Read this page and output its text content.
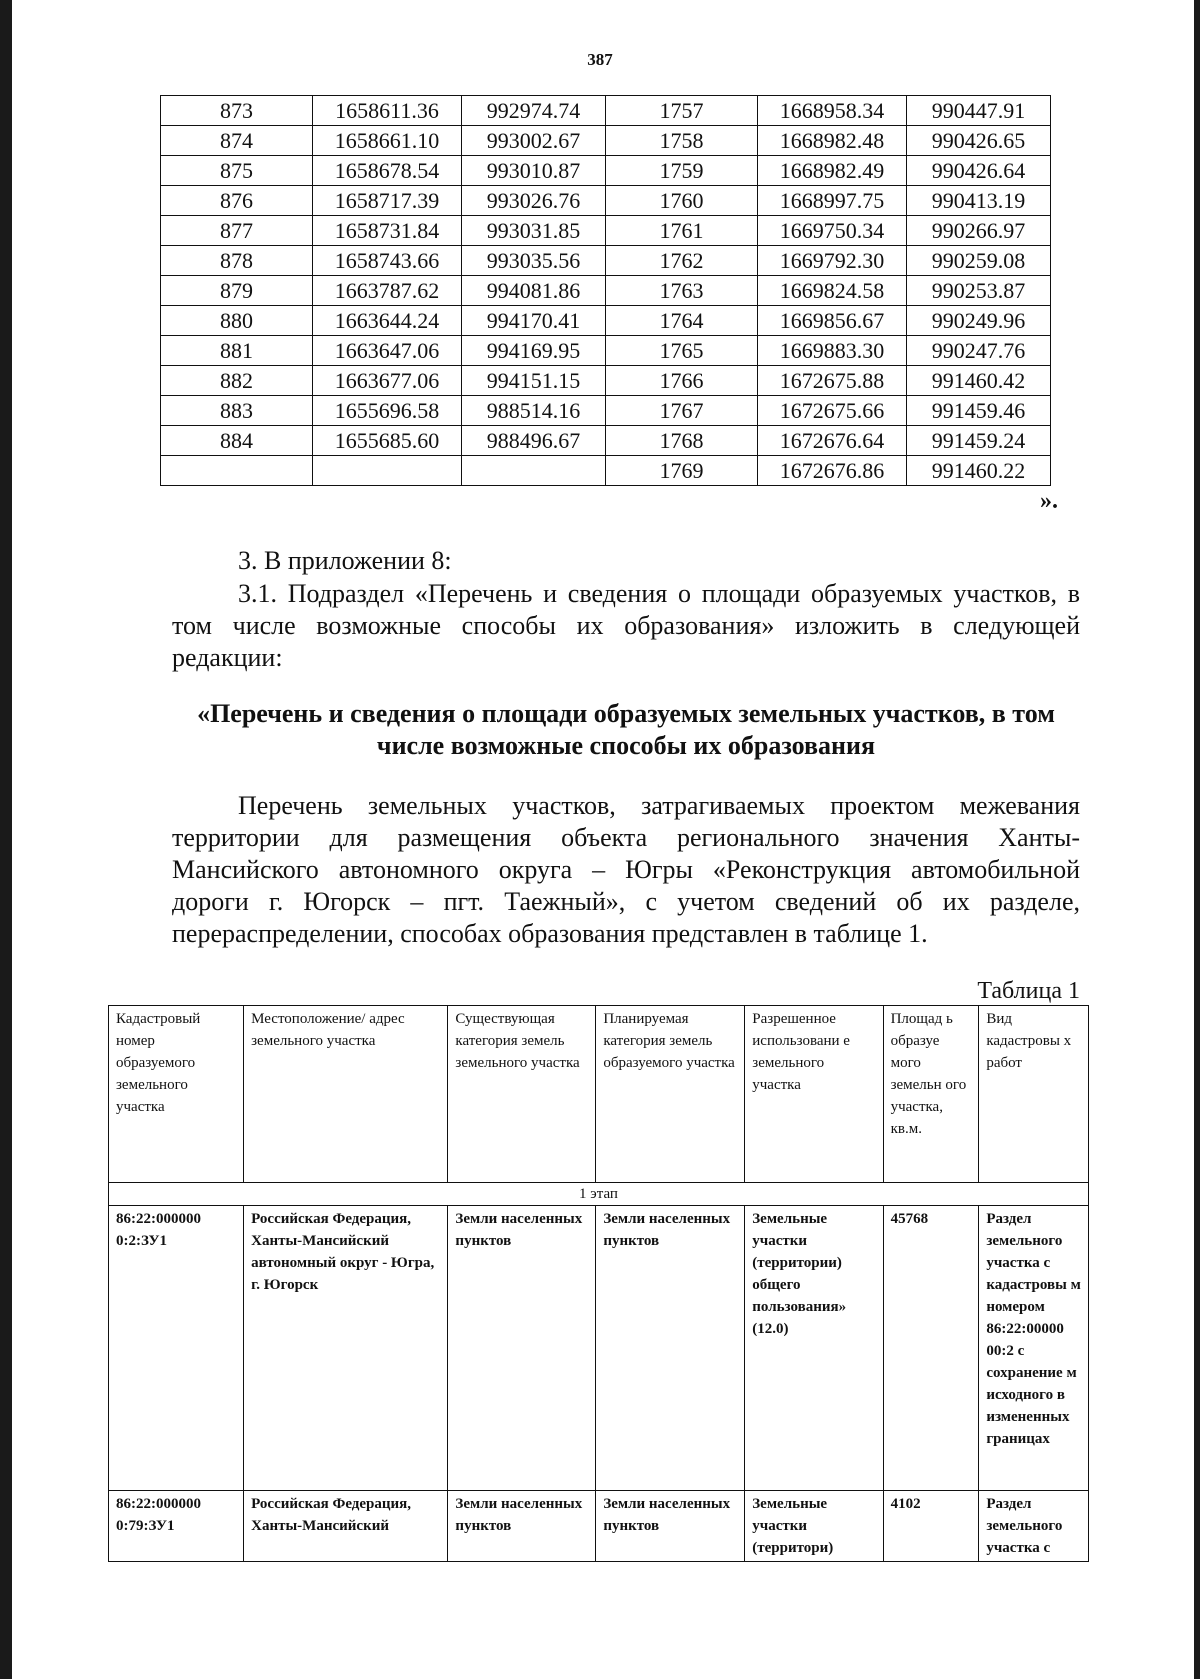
387
873	1658611.36	992974.74	1757	1668958.34	990447.91
874	1658661.10	993002.67	1758	1668982.48	990426.65
875	1658678.54	993010.87	1759	1668982.49	990426.64
876	1658717.39	993026.76	1760	1668997.75	990413.19
877	1658731.84	993031.85	1761	1669750.34	990266.97
878	1658743.66	993035.56	1762	1669792.30	990259.08
879	1663787.62	994081.86	1763	1669824.58	990253.87
880	1663644.24	994170.41	1764	1669856.67	990249.96
881	1663647.06	994169.95	1765	1669883.30	990247.76
882	1663677.06	994151.15	1766	1672675.88	991460.42
883	1655696.58	988514.16	1767	1672675.66	991459.46
884	1655685.60	988496.67	1768	1672676.64	991459.24
			1769	1672676.86	991460.22
».
3. В приложении 8:
3.1. Подраздел «Перечень и сведения о площади образуемых участков, в том числе возможные способы их образования» изложить в следующей редакции:
«Перечень и сведения о площади образуемых земельных участков, в том числе возможные способы их образования
Перечень земельных участков, затрагиваемых проектом межевания территории для размещения объекта регионального значения Ханты-Мансийского автономного округа – Югры «Реконструкция автомобильной дороги г. Югорск – пгт. Таежный», с учетом сведений об их разделе, перераспределении, способах образования представлен в таблице 1.
Таблица 1
Кадастровый номер образуемого земельного участка	Местоположение/ адрес земельного участка	Существующая категория земель земельного участка	Планируемая категория земель образуемого участка	Разрешенное использовани е земельного участка	Площад ь образуе мого земельн ого участка, кв.м.	Вид кадастровы х работ
1 этап						
86:22:000000 0:2:ЗУ1	Российская Федерация, Ханты-Мансийский автономный округ - Югра, г. Югорск	Земли населенных пунктов	Земли населенных пунктов	Земельные участки (территории) общего пользования» (12.0)	45768	Раздел земельного участка с кадастровы м номером 86:22:00000 00:2 с сохранение м исходного в измененных границах
86:22:000000 0:79:ЗУ1	Российская Федерация, Ханты-Мансийский	Земли населенных пунктов	Земли населенных пунктов	Земельные участки (территори)	4102	Раздел земельного участка с
